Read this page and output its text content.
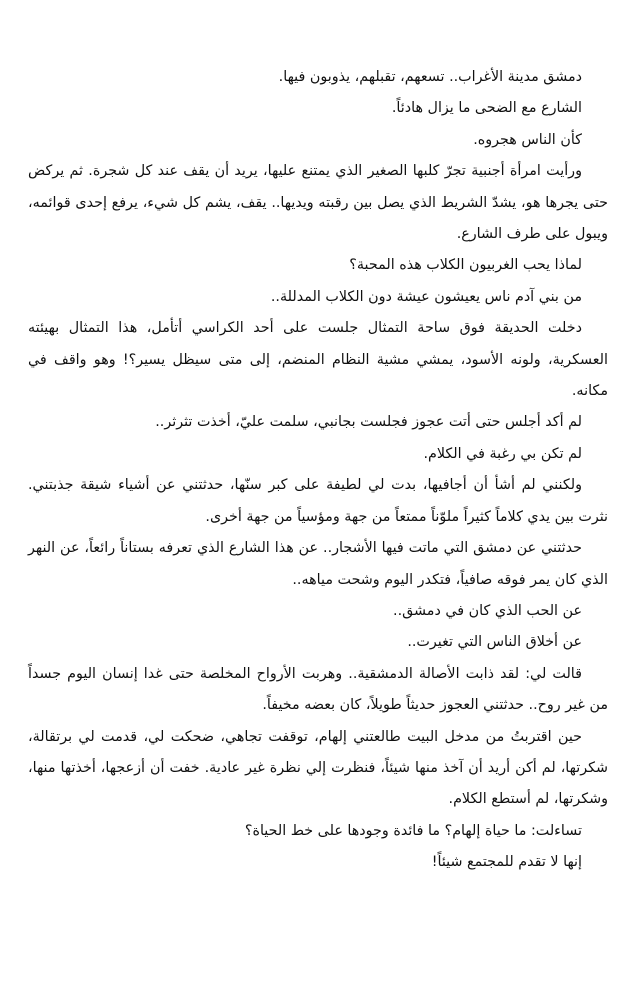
دمشق مدينة الأغراب.. تسعهم، تقبلهم، يذوبون فيها.

الشارع مع الضحى ما يزال هادئاً.

كأن الناس هجروه.

ورأيت امرأة أجنبية تجرّ كلبها الصغير الذي يمتنع عليها، يريد أن يقف عند كل شجرة. ثم يركض حتى يجرها هو، يشدّ الشريط الذي يصل بين رقبته ويديها.. يقف، يشم كل شيء، يرفع إحدى قوائمه، ويبول على طرف الشارع.

لماذا يحب الغربيون الكلاب هذه المحبة؟

من بني آدم ناس يعيشون عيشة دون الكلاب المدللة..

دخلت الحديقة فوق ساحة التمثال جلست على أحد الكراسي أتأمل، هذا التمثال بهيئته العسكرية، ولونه الأسود، يمشي مشية النظام المنضم، إلى متى سيظل يسير؟! وهو واقف في مكانه.

لم أكد أجلس حتى أتت عجوز فجلست بجانبي، سلمت عليّ، أخذت تثرثر..

لم تكن بي رغبة في الكلام.

ولكنني لم أشأ أن أجافيها، بدت لي لطيفة على كبر سنّها، حدثتني عن أشياء شيقة جذبتني. نثرت بين يدي كلاماً كثيراً ملوّناً ممتعاً من جهة ومؤسياً من جهة أخرى.

حدثتني عن دمشق التي ماتت فيها الأشجار.. عن هذا الشارع الذي تعرفه بستاناً رائعاً، عن النهر الذي كان يمر فوقه صافياً، فتكدر اليوم وشحت مياهه..

عن الحب الذي كان في دمشق..

عن أخلاق الناس التي تغيرت..

قالت لي: لقد ذابت الأصالة الدمشقية.. وهربت الأرواح المخلصة حتى غدا إنسان اليوم جسداً من غير روح.. حدثتني العجوز حديثاً طويلاً، كان بعضه مخيفاً.

حين اقتربتُ من مدخل البيت طالعتني إلهام، توقفت تجاهي، ضحكت لي، قدمت لي برتقالة، شكرتها، لم أكن أريد أن آخذ منها شيئاً، فنظرت إلي نظرة غير عادية. خفت أن أزعجها، أخذتها منها، وشكرتها، لم أستطع الكلام.

تساءلت: ما حياة إلهام؟ ما فائدة وجودها على خط الحياة؟

إنها لا تقدم للمجتمع شيئاً!
